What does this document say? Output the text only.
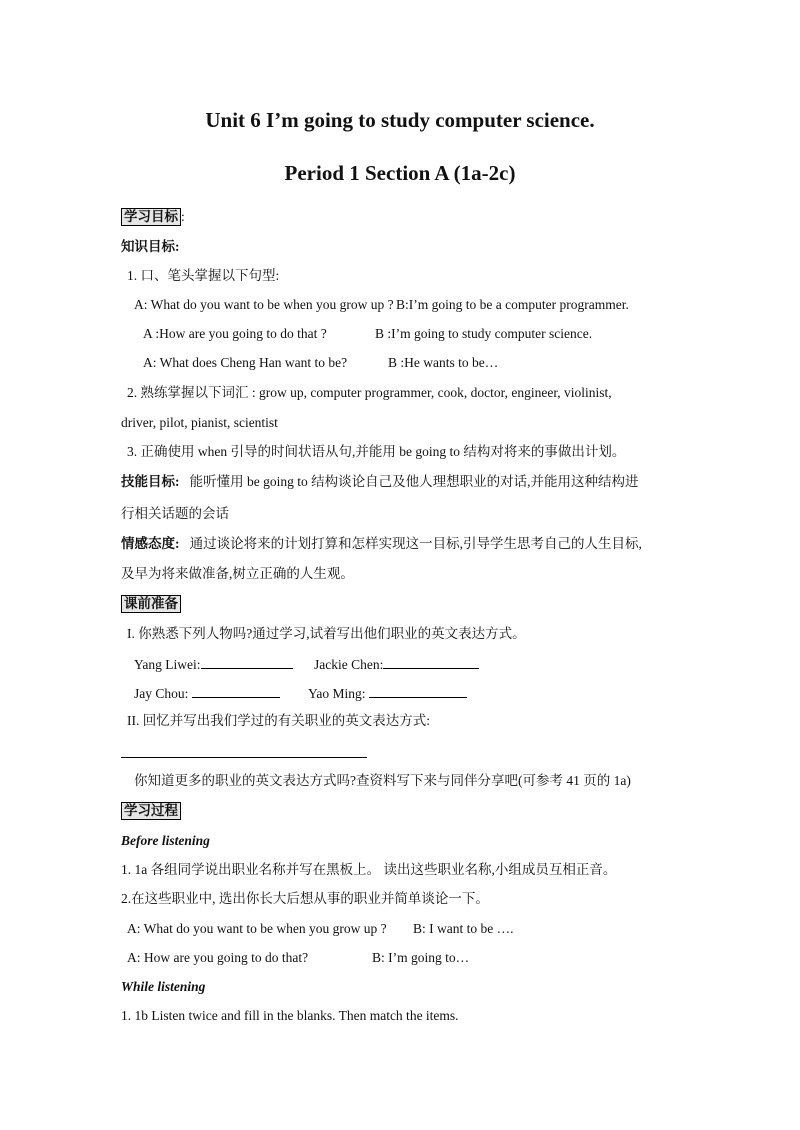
Unit 6 I’m going to study computer science.
Period 1 Section A (1a-2c)
学习目标 :
知识目标:
1. 口、笔头掌握以下句型:
A: What do you want to be when you grow up ? B:I’m going to be a computer programmer.
A :How are you going to do that ?	B :I’m going to study computer science.
A: What does Cheng Han want to be?	B :He wants to be…
2. 熟练掌握以下词汇 : grow up, computer programmer, cook, doctor, engineer, violinist,
driver, pilot, pianist, scientist
3. 正确使用 when 引导的时间状语从句,并能用 be going to 结构对将来的事做出计划。
技能目标: 能听懂用 be going to 结构谈论自己及他人理想职业的对话,并能用这种结构进
行相关话题的会话
情感态度: 通过谈论将来的计划打算和怎样实现这一目标,引导学生思考自己的人生目标,
及早为将来做准备,树立正确的人生观。
课前准备
I. 你熟悉下列人物吗?通过学习,试着写出他们职业的英文表达方式。
Yang Liwei:	Jackie Chen:
Jay Chou:	Yao Ming:
II. 回忆并写出我们学过的有关职业的英文表达方式:
你知道更多的职业的英文表达方式吗?查资料写下来与同伴分享吧(可参考 41 页的 1a)
学习过程
Before listening
1. 1a 各组同学说出职业名称并写在黑板上。 读出这些职业名称,小组成员互相正音。
2.在这些职业中, 选出你长大后想从事的职业并简单谈论一下。
A: What do you want to be when you grow up ? B: I want to be ….
A: How are you going to do that?	B: I’m going to…
While listening
1. 1b Listen twice and fill in the blanks. Then match the items.
